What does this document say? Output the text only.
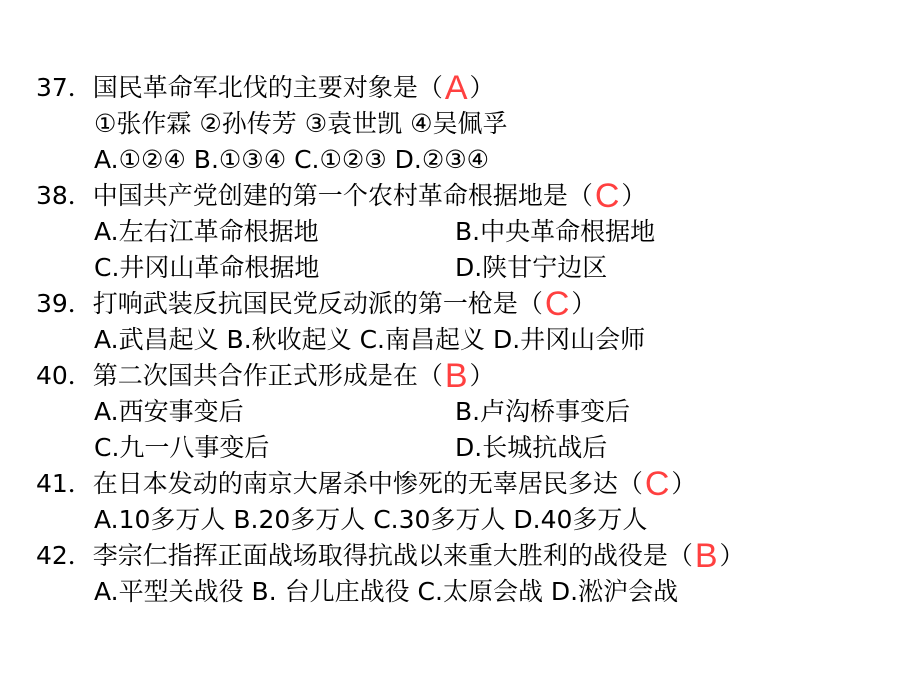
37．国民革命军北伐的主要对象是（A）
①张作霖 ②孙传芳 ③袁世凯 ④吴佩孚
A.①②④ B.①③④ C.①②③ D.②③④
38．中国共产党创建的第一个农村革命根据地是（C）
A.左右江革命根据地	B.中央革命根据地
C.井冈山革命根据地	D.陕甘宁边区
39．打响武装反抗国民党反动派的第一枪是（C）
A.武昌起义 B.秋收起义 C.南昌起义 D.井冈山会师
40．第二次国共合作正式形成是在（B）
A.西安事变后	B.卢沟桥事变后
C.九一八事变后	D.长城抗战后
41．在日本发动的南京大屠杀中惨死的无辜居民多达（C）
A.10多万人 B.20多万人 C.30多万人 D.40多万人
42．李宗仁指挥正面战场取得抗战以来重大胜利的战役是（B）
A.平型关战役 B. 台儿庄战役 C.太原会战 D.淞沪会战
